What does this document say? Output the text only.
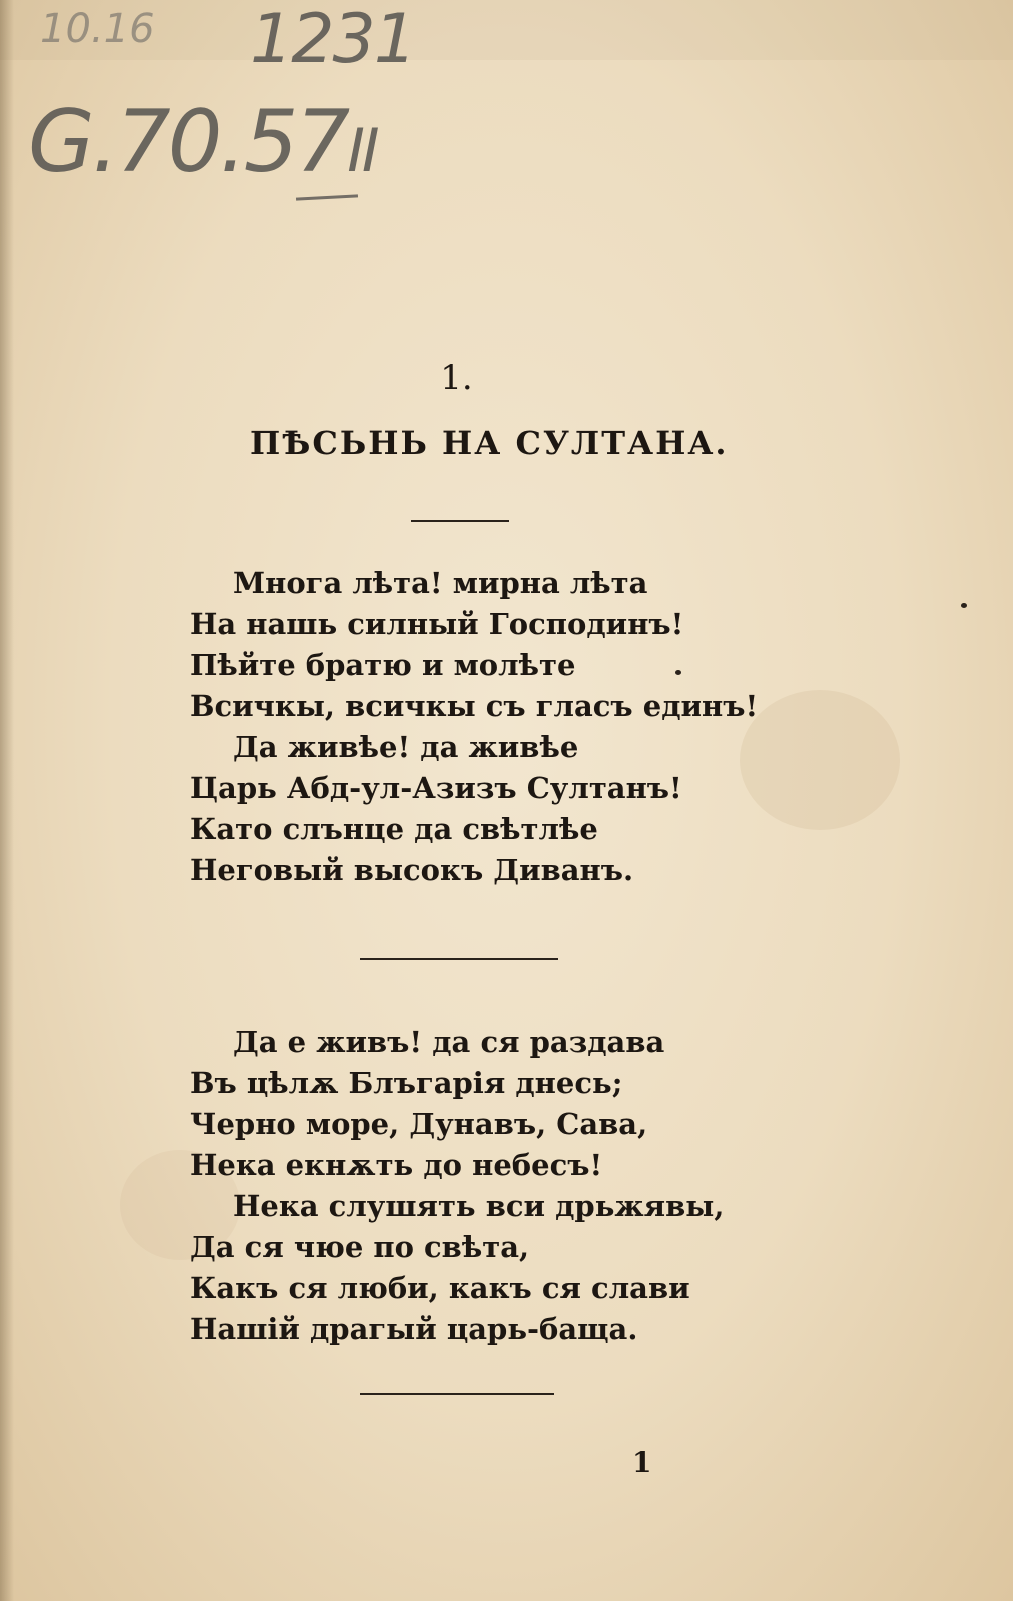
10.16 1231
G.70.57II
1.
ПѢСЬНЬ НА СУЛТАНА.
Многа лѣта! мирна лѣта
На нашь силный Господинъ!
Пѣйте братю и молѣте
Всичкы, всичкы съ гласъ единъ!
Да живѣе! да живѣе
Царь Абд-ул-Азизъ Султанъ!
Като слънце да свѣтлѣе
Неговый высокъ Диванъ.
Да е живъ! да ся раздава
Въ цѣлѫ Блъгарія днесь;
Черно море, Дунавъ, Сава,
Нека екнѫть до небесъ!
Нека слушять вси дрьжявы,
Да ся чюе по свѣта,
Какъ ся люби, какъ ся слави
Нашій драгый царь-баща.
1
